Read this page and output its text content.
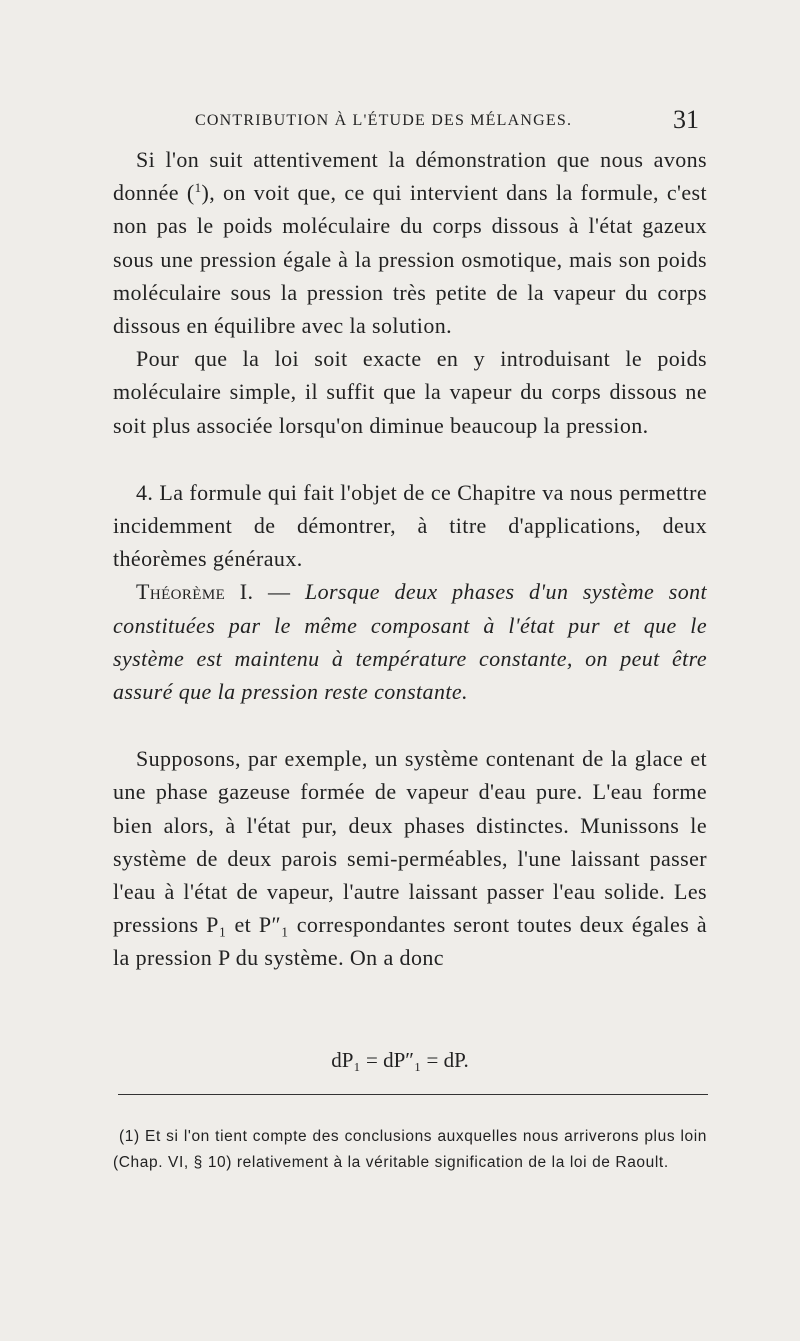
CONTRIBUTION À L'ÉTUDE DES MÉLANGES.	31

Si l'on suit attentivement la démonstration que nous avons donnée ($^1$), on voit que, ce qui intervient dans la formule, c'est non pas le poids moléculaire du corps dissous à l'état gazeux sous une pression égale à la pression osmotique, mais son poids moléculaire sous la pression très petite de la vapeur du corps dissous en équilibre avec la solution.

Pour que la loi soit exacte en y introduisant le poids moléculaire simple, il suffit que la vapeur du corps dissous ne soit plus associée lorsqu'on diminue beaucoup la pression.

4. La formule qui fait l'objet de ce Chapitre va nous permettre incidemment de démontrer, à titre d'applications, deux théorèmes généraux.

Théorème I. — Lorsque deux phases d'un système sont constituées par le même composant à l'état pur et que le système est maintenu à température constante, on peut être assuré que la pression reste constante.

Supposons, par exemple, un système contenant de la glace et une phase gazeuse formée de vapeur d'eau pure. L'eau forme bien alors, à l'état pur, deux phases distinctes. Munissons le système de deux parois semi-perméables, l'une laissant passer l'eau à l'état de vapeur, l'autre laissant passer l'eau solide. Les pressions P₁ et P″₁ correspondantes seront toutes deux égales à la pression P du système. On a donc

dP₁ = dP″₁ = dP.
(1) Et si l'on tient compte des conclusions auxquelles nous arriverons plus loin (Chap. VI, § 10) relativement à la véritable signification de la loi de Raoult.
